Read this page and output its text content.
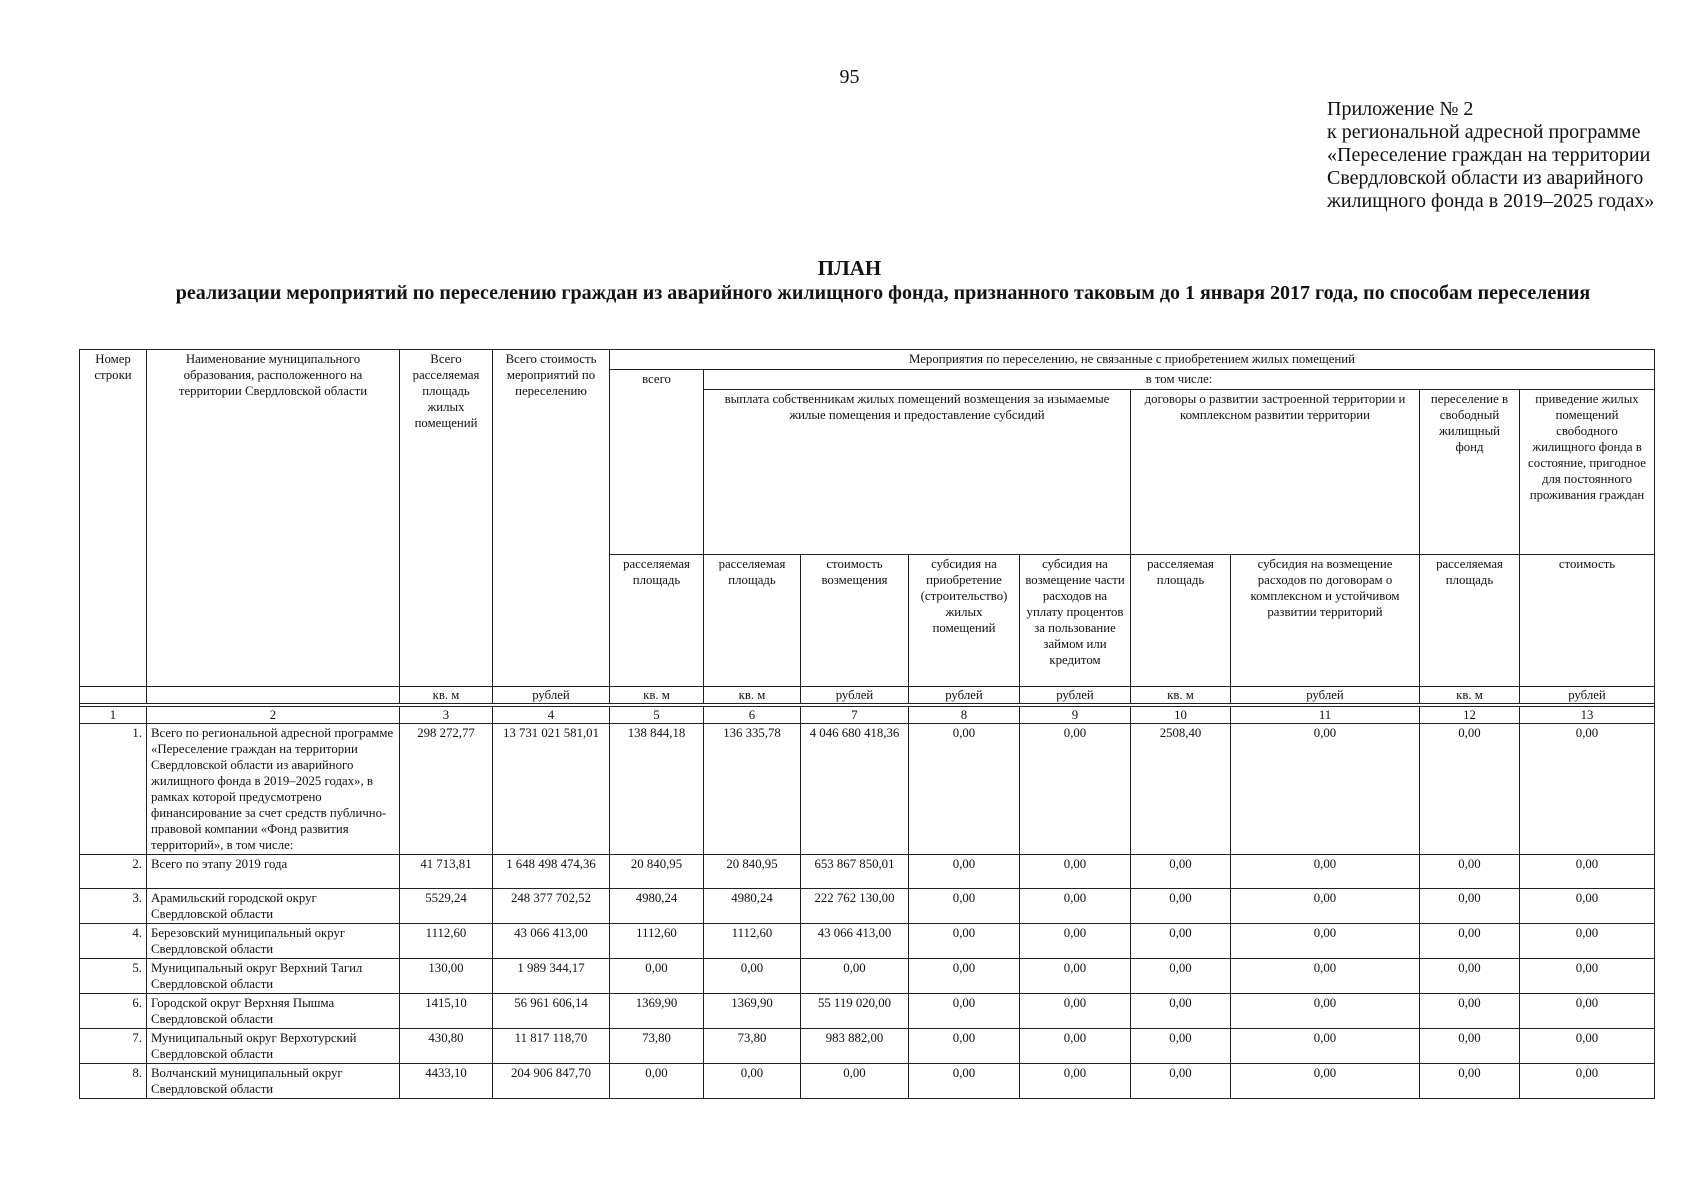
95
Приложение № 2
к региональной адресной программе
«Переселение граждан на территории
Свердловской области из аварийного
жилищного фонда в 2019–2025 годах»
ПЛАН
реализации мероприятий по переселению граждан из аварийного жилищного фонда, признанного таковым до 1 января 2017 года, по способам переселения
Номер строки	Наименование муниципального образования, расположенного на территории Свердловской области	Всего расселяемая площадь жилых помещений	Всего стоимость мероприятий по переселению	Мероприятия по переселению, не связанные с приобретением жилых помещений								
				всего	в том числе:							
					выплата собственникам жилых помещений возмещения за изымаемые жилые помещения и предоставление субсидий				договоры о развитии застроенной территории и комплексном развитии территории		переселение в свободный жилищный фонд	приведение жилых помещений свободного жилищного фонда в состояние, пригодное для постоянного проживания граждан
				расселяемая площадь	расселяемая площадь	стоимость возмещения	субсидия на приобретение (строительство) жилых помещений	субсидия на возмещение части расходов на уплату процентов за пользование займом или кредитом	расселяемая площадь	субсидия на возмещение расходов по договорам о комплексном и устойчивом развитии территорий	расселяемая площадь	стоимость
		кв. м	рублей	кв. м	кв. м	рублей	рублей	рублей	кв. м	рублей	кв. м	рублей

1	2	3	4	5	6	7	8	9	10	11	12	13
1.	Всего по региональной адресной программе «Переселение граждан на территории Свердловской области из аварийного жилищного фонда в 2019–2025 годах», в рамках которой предусмотрено финансирование за счет средств публично-правовой компании «Фонд развития территорий», в том числе:	298 272,77	13 731 021 581,01	138 844,18	136 335,78	4 046 680 418,36	0,00	0,00	2508,40	0,00	0,00	0,00
2.	Всего по этапу 2019 года	41 713,81	1 648 498 474,36	20 840,95	20 840,95	653 867 850,01	0,00	0,00	0,00	0,00	0,00	0,00
3.	Арамильский городской округ Свердловской области	5529,24	248 377 702,52	4980,24	4980,24	222 762 130,00	0,00	0,00	0,00	0,00	0,00	0,00
4.	Березовский муниципальный округ Свердловской области	1112,60	43 066 413,00	1112,60	1112,60	43 066 413,00	0,00	0,00	0,00	0,00	0,00	0,00
5.	Муниципальный округ Верхний Тагил Свердловской области	130,00	1 989 344,17	0,00	0,00	0,00	0,00	0,00	0,00	0,00	0,00	0,00
6.	Городской округ Верхняя Пышма Свердловской области	1415,10	56 961 606,14	1369,90	1369,90	55 119 020,00	0,00	0,00	0,00	0,00	0,00	0,00
7.	Муниципальный округ Верхотурский Свердловской области	430,80	11 817 118,70	73,80	73,80	983 882,00	0,00	0,00	0,00	0,00	0,00	0,00
8.	Волчанский муниципальный округ Свердловской области	4433,10	204 906 847,70	0,00	0,00	0,00	0,00	0,00	0,00	0,00	0,00	0,00
